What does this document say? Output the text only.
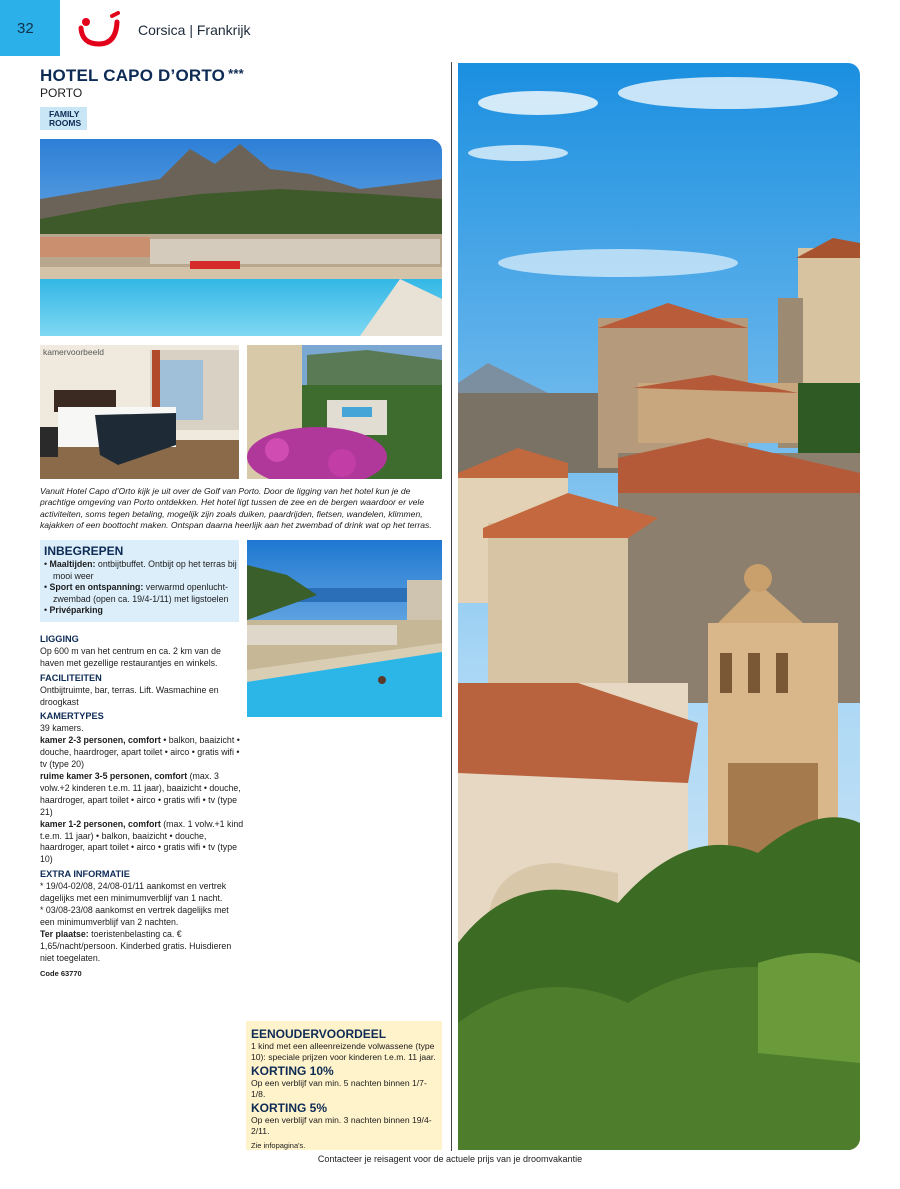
32	Corsica | Frankrijk
HOTEL CAPO D’ORTO ***
PORTO
FAMILY
ROOMS
kamervoorbeeld
Vanuit Hotel Capo d’Orto kijk je uit over de Golf van Porto. Door de ligging van het hotel kun je de prachtige omgeving van Porto ontdekken. Het hotel ligt tussen de zee en de bergen waardoor er vele activiteiten, soms tegen betaling, mogelijk zijn zoals duiken, paardrijden, fietsen, wandelen, klimmen, kajakken of een boottocht maken. Ontspan daarna heerlijk aan het zwembad of drink wat op het terras.
INBEGREPEN
• Maaltijden: ontbijtbuffet. Ontbijt op het terras bij mooi weer
• Sport en ontspanning: verwarmd openlucht-zwembad (open ca. 19/4-1/11) met ligstoelen
• Privéparking
LIGGING

Op 600 m van het centrum en ca. 2 km van de haven met gezellige restaurantjes en winkels.

FACILITEITEN

Ontbijtruimte, bar, terras. Lift. Wasmachine en droogkast

KAMERTYPES

39 kamers.

kamer 2-3 personen, comfort • balkon, baaizicht • douche, haardroger, apart toilet • airco • gratis wifi • tv (type 20)

ruime kamer 3-5 personen, comfort (max. 3 volw.+2 kinderen t.e.m. 11 jaar), baaizicht • douche, haardroger, apart toilet • airco • gratis wifi • tv (type 21)

kamer 1-2 personen, comfort (max. 1 volw.+1 kind t.e.m. 11 jaar) • balkon, baaizicht • douche, haardroger, apart toilet • airco • gratis wifi • tv (type 10)

EXTRA INFORMATIE

* 19/04-02/08, 24/08-01/11 aankomst en vertrek dagelijks met een minimumverblijf van 1 nacht.

* 03/08-23/08 aankomst en vertrek dagelijks met een minimumverblijf van 2 nachten.

Ter plaatse: toeristenbelasting ca. € 1,65/nacht/persoon. Kinderbed gratis. Huisdieren niet toegelaten.

Code 63770
EENOUDERVOORDEEL

1 kind met een alleenreizende volwassene (type 10): speciale prijzen voor kinderen t.e.m. 11 jaar.

KORTING 10%

Op een verblijf van min. 5 nachten binnen 1/7-1/8.

KORTING 5%

Op een verblijf van min. 3 nachten binnen 19/4-2/11.

Zie infopagina's.

Contacteer je reisagent voor de actuele prijs van je droomvakantie
